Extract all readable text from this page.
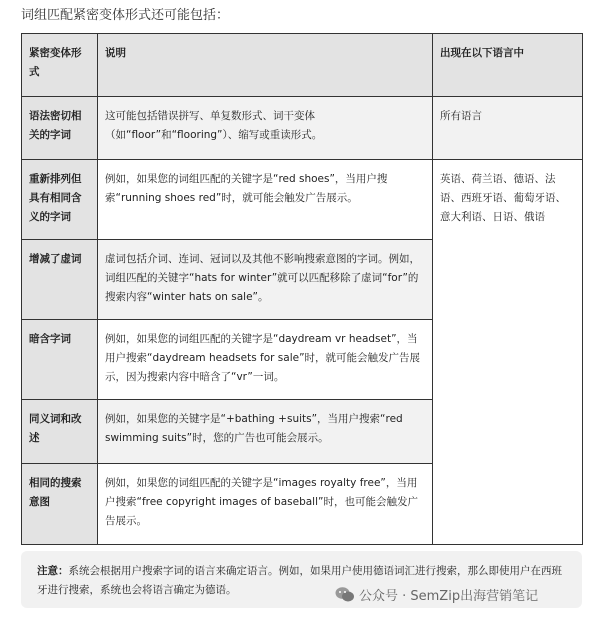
词组匹配紧密变体形式还可能包括：
紧密变体形式	说明	出现在以下语言中
语法密切相关的字词	这可能包括错误拼写、单复数形式、词干变体（如“floor”和“flooring”）、缩写或重读形式。	所有语言
重新排列但具有相同含义的字词	例如，如果您的词组匹配的关键字是“red shoes”，当用户搜索“running shoes red”时，就可能会触发广告展示。	英语、荷兰语、德语、法语、西班牙语、葡萄牙语、意大利语、日语、俄语
增减了虚词	虚词包括介词、连词、冠词以及其他不影响搜索意图的字词。例如，词组匹配的关键字“hats for winter”就可以匹配移除了虚词“for”的搜索内容“winter hats on sale”。	
暗含字词	例如，如果您的词组匹配的关键字是“daydream vr headset”，当用户搜索“daydream headsets for sale”时，就可能会触发广告展示，因为搜索内容中暗含了“vr”一词。	
同义词和改述	例如，如果您的关键字是“+bathing +suits”，当用户搜索“red swimming suits”时，您的广告也可能会展示。	
相同的搜索意图	例如，如果您的词组匹配的关键字是“images royalty free”，当用户搜索“free copyright images of baseball”时，也可能会触发广告展示。	
注意：系统会根据用户搜索字词的语言来确定语言。例如，如果用户使用德语词汇进行搜索，那么即使用户在西班牙进行搜索，系统也会将语言确定为德语。	公众号 · SemZip出海营销笔记
